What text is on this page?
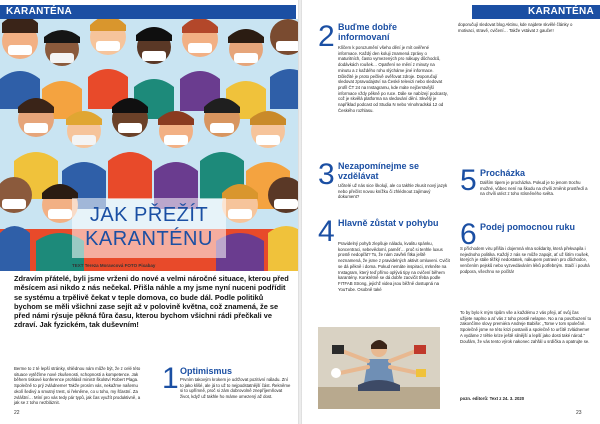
KARANTÉNA
JAK PŘEŽÍT
KARANTÉNU
TEXT Tereza Moravcová FOTO Pixabay
Zdravím přátelé, byli jsme vrženi do nové a velmi náročné situace, kterou před měsícem asi nikdo z nás nečekal. Přišla náhle a my jsme nyní nuceni podřídit se systému a trpělivě čekat v teple domova, co bude dál. Podle politiků bychom se měli všichni zase sejít až v polovině května, což znamená, že se před námi rýsuje pěkná fůra času, kterou bychom všichni rádi přečkali ve zdraví. Jak fyzickém, tak duševním!
Berme to z té lepší stránky, shlédnou nám může být, že z celé této situace vytěžíme nové zkušenosti, schopnosti a kompetence. Jak během tiskové konference prohlásil ministr školství Robert Plaga. Společně to prý zvládneme! Takže prosím vás, nekažme našemu okolí šedivý a smutný trest, si řekněme, co u toho, my šťastní. Za zvláštní… Míní pro vás tedy pár typů, jak čas využít produktivně, a jak se z toho nezbláznit.
1 Optimismus
Prvním takovým krokem je udržovat pozitivní náladu. Zní to jako klišé, ale já to už to nejpodstatnější část. Řekněme si to upřímně, proč si zám dobrovolně znepříjemňovat život, když už takhle ho máme omezený až dost.
22
KARANTÉNA
2 Buďme dobře informovaní
Klíčem k porozumění všeho dění je mít ověřené informace. Každý den koluji znamená zprávy o maturitních, často vymezených pro nákupy důchodců, dodávkách roušek… Opatření se mění z minuty na minutu a z každého rohu slýcháme jiné informace. Důležité je proto pečlivě ověřovat zdroje. Doporučují sledovat zpravodajství na České televizi nebo sledovat profil ČT 24 na Instagramu, kde máte nejčerstvější informace vždy pěkně po ruce. Dále se nabízejí podcasty, což je skvělá platforma na sledování dění. Skvělý je například podcast od Studia N nebo Vinohradská 12 od Českého rozhlasu.
3 Nezapomínejme se vzdělávat
Učitelé už nás sice školují, ale co takhle zkusit nový jazyk nebo přečíst novou knížku či zhlédnout zajímavý dokument?
4 Hlavně zůstat v pohybu
Pravidelný pohyb zlepšuje náladu, kvalitu spánku, koncentraci, sebevědomí, paměť… proč si tenhle luxus prostě nedopřát? To, že nám zavřeli fitka ještě neznamená, že jsme z pravidelných aktivit omluveni. Cvičit se dá pěkně i doma. Pokud nemáte inspiraci, mrkněte na Instagram, který teď přímo oplývá tipy na cvičení během karantény. Konkrétně se dá dobře zacvičit třeba podle FITFAB Strong, jejichž videa jsou běžně dostupná na YouTube. Osobně také
doporučují sledovat blog Aktinu, kde najdete skvělé články o motivaci, stravě, cvičení… Takže vstávat z gauče!!
5 Procházka
Dalším tipem je procházka. Pokud je to jenom trochu možné, vůbec není na škodu na chvíli změnit prostředí a na chvíli utéct z toho stísněného světa.
6 Podej pomocnou ruku
S příchodem viru přišla i dojemná vlna solidarity, která překvapila i nejednoho politika. Každý z nás se může zapojit, ať už šitím roušek, kterých je stále těžký nedostatek, nákupem potravin pro důchodce, venčením pejsků nebo vyzvedáváním léků potřebným. Stačí i pouhá podpora, všechno se počítá!
To by bylo k mým tipům vše a každému z vás přeji, ať svůj čas užijete naplno a ať vás z toho prostě nelapne. No a na povzbuzení to zakončíme slovy premiéra Andreje Babiše: „Tome v tom společně. Společně jsme se této krizi postavili a společně to určitě zvládneme! A vydáme z téhle krize ještě silnější a lepší jako dosti také národ." Doufám, že vás tento výrok nakonec zahřál u srdíčka a opatrujte se.
pozn. editorů: Text z 24. 3. 2020
23
